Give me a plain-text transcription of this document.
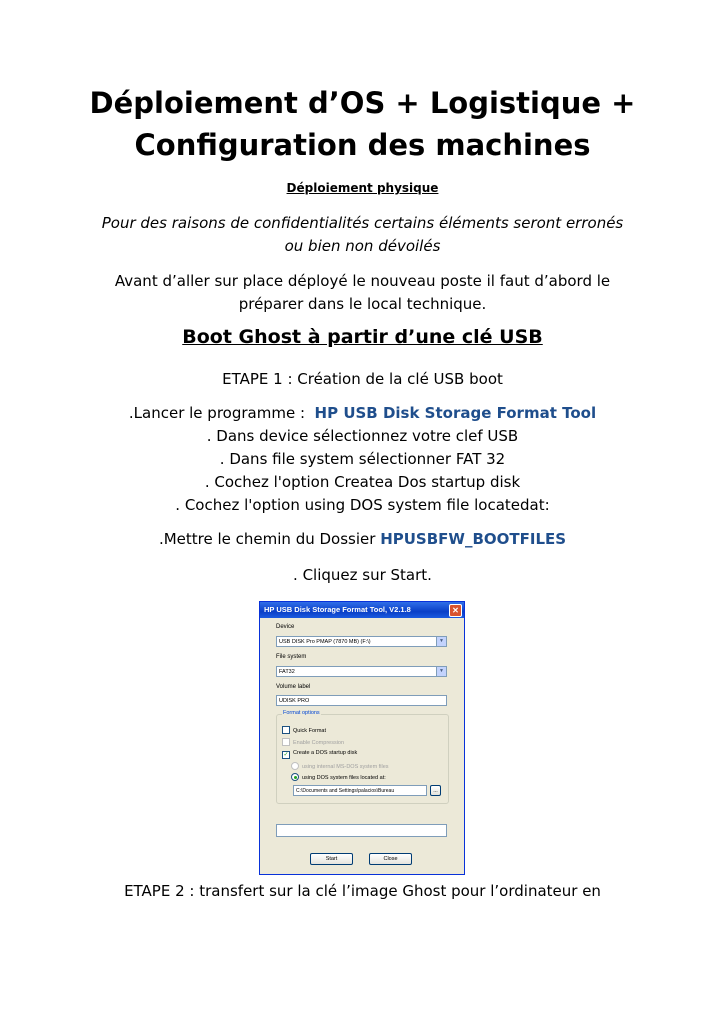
Déploiement d’OS + Logistique +
Configuration des machines

Déploiement physique

Pour des raisons de confidentialités certains éléments seront erronés
ou bien non dévoilés

Avant d’aller sur place déployé le nouveau poste il faut d’abord le
préparer dans le local technique.

Boot Ghost à partir d’une clé USB

ETAPE 1 : Création de la clé USB boot

.Lancer le programme : HP USB Disk Storage Format Tool
. Dans device sélectionnez votre clef USB
. Dans file system sélectionner FAT 32
. Cochez l'option Createa Dos startup disk
. Cochez l'option using DOS system file locatedat:

.Mettre le chemin du Dossier HPUSBFW_BOOTFILES

. Cliquez sur Start.

HP USB Disk Storage Format Tool, V2.1.8	✕
Device
USB DISK Pro PMAP (7870 MB) (F:\)	▼
File system
FAT32	▼
Volume label
UDISK PRO
Format options
Quick Format
Enable Compression
✓ Create a DOS startup disk
using internal MS-DOS system files
using DOS system files located at:
C:\Documents and Settings\palacios\Bureau	...
Start	Close

ETAPE 2 : transfert sur la clé l’image Ghost pour l’ordinateur en
